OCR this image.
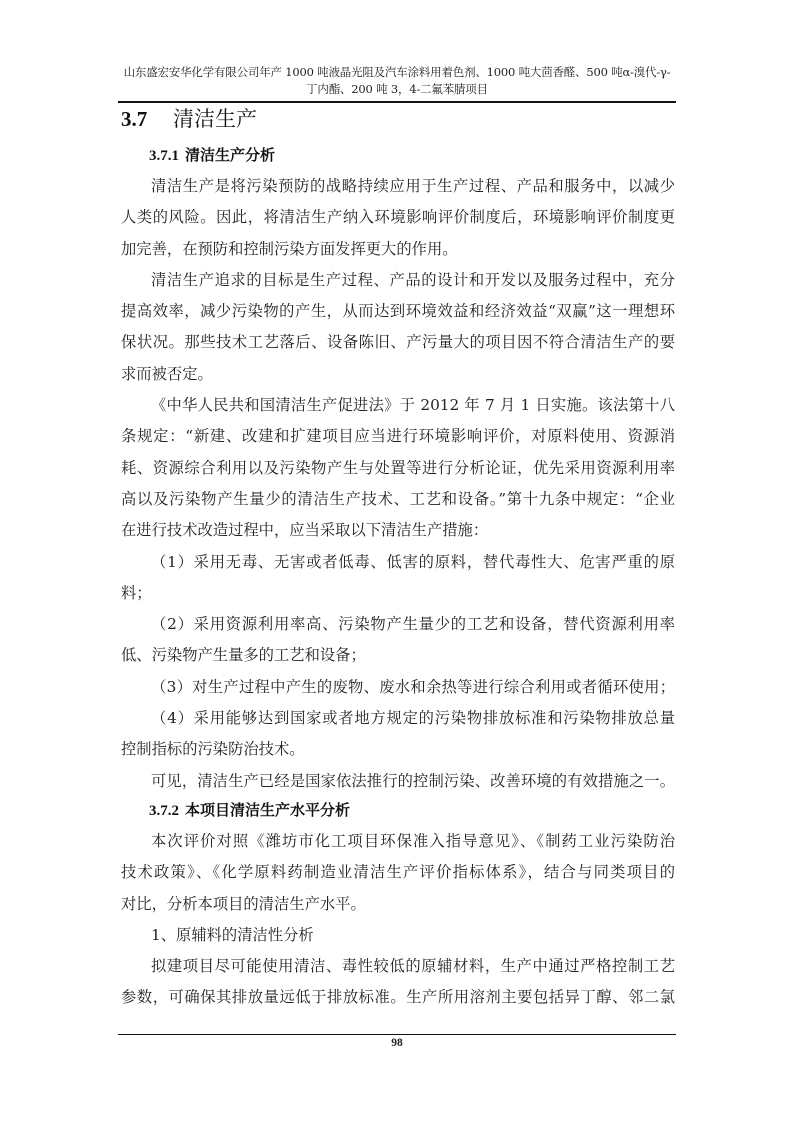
山东盛宏安华化学有限公司年产 1000 吨液晶光阻及汽车涂料用着色剂、1000 吨大茴香醛、500 吨α-溴代-γ-
丁内酯、200 吨 3，4-二氟苯腈项目
3.7 清洁生产
3.7.1 清洁生产分析
清洁生产是将污染预防的战略持续应用于生产过程、产品和服务中，以减少
人类的风险。因此，将清洁生产纳入环境影响评价制度后，环境影响评价制度更
加完善，在预防和控制污染方面发挥更大的作用。
清洁生产追求的目标是生产过程、产品的设计和开发以及服务过程中，充分
提高效率，减少污染物的产生，从而达到环境效益和经济效益“双赢”这一理想环
保状况。那些技术工艺落后、设备陈旧、产污量大的项目因不符合清洁生产的要
求而被否定。
《中华人民共和国清洁生产促进法》于 2012 年 7 月 1 日实施。该法第十八
条规定：“新建、改建和扩建项目应当进行环境影响评价，对原料使用、资源消
耗、资源综合利用以及污染物产生与处置等进行分析论证，优先采用资源利用率
高以及污染物产生量少的清洁生产技术、工艺和设备。”第十九条中规定：“企业
在进行技术改造过程中，应当采取以下清洁生产措施：
（1）采用无毒、无害或者低毒、低害的原料，替代毒性大、危害严重的原
料；
（2）采用资源利用率高、污染物产生量少的工艺和设备，替代资源利用率
低、污染物产生量多的工艺和设备；
（3）对生产过程中产生的废物、废水和余热等进行综合利用或者循环使用；
（4）采用能够达到国家或者地方规定的污染物排放标准和污染物排放总量
控制指标的污染防治技术。
可见，清洁生产已经是国家依法推行的控制污染、改善环境的有效措施之一。
3.7.2 本项目清洁生产水平分析
本次评价对照《潍坊市化工项目环保准入指导意见》、《制药工业污染防治
技术政策》、《化学原料药制造业清洁生产评价指标体系》，结合与同类项目的
对比，分析本项目的清洁生产水平。
1、原辅料的清洁性分析
拟建项目尽可能使用清洁、毒性较低的原辅材料，生产中通过严格控制工艺
参数，可确保其排放量远低于排放标准。生产所用溶剂主要包括异丁醇、邻二氯
98
